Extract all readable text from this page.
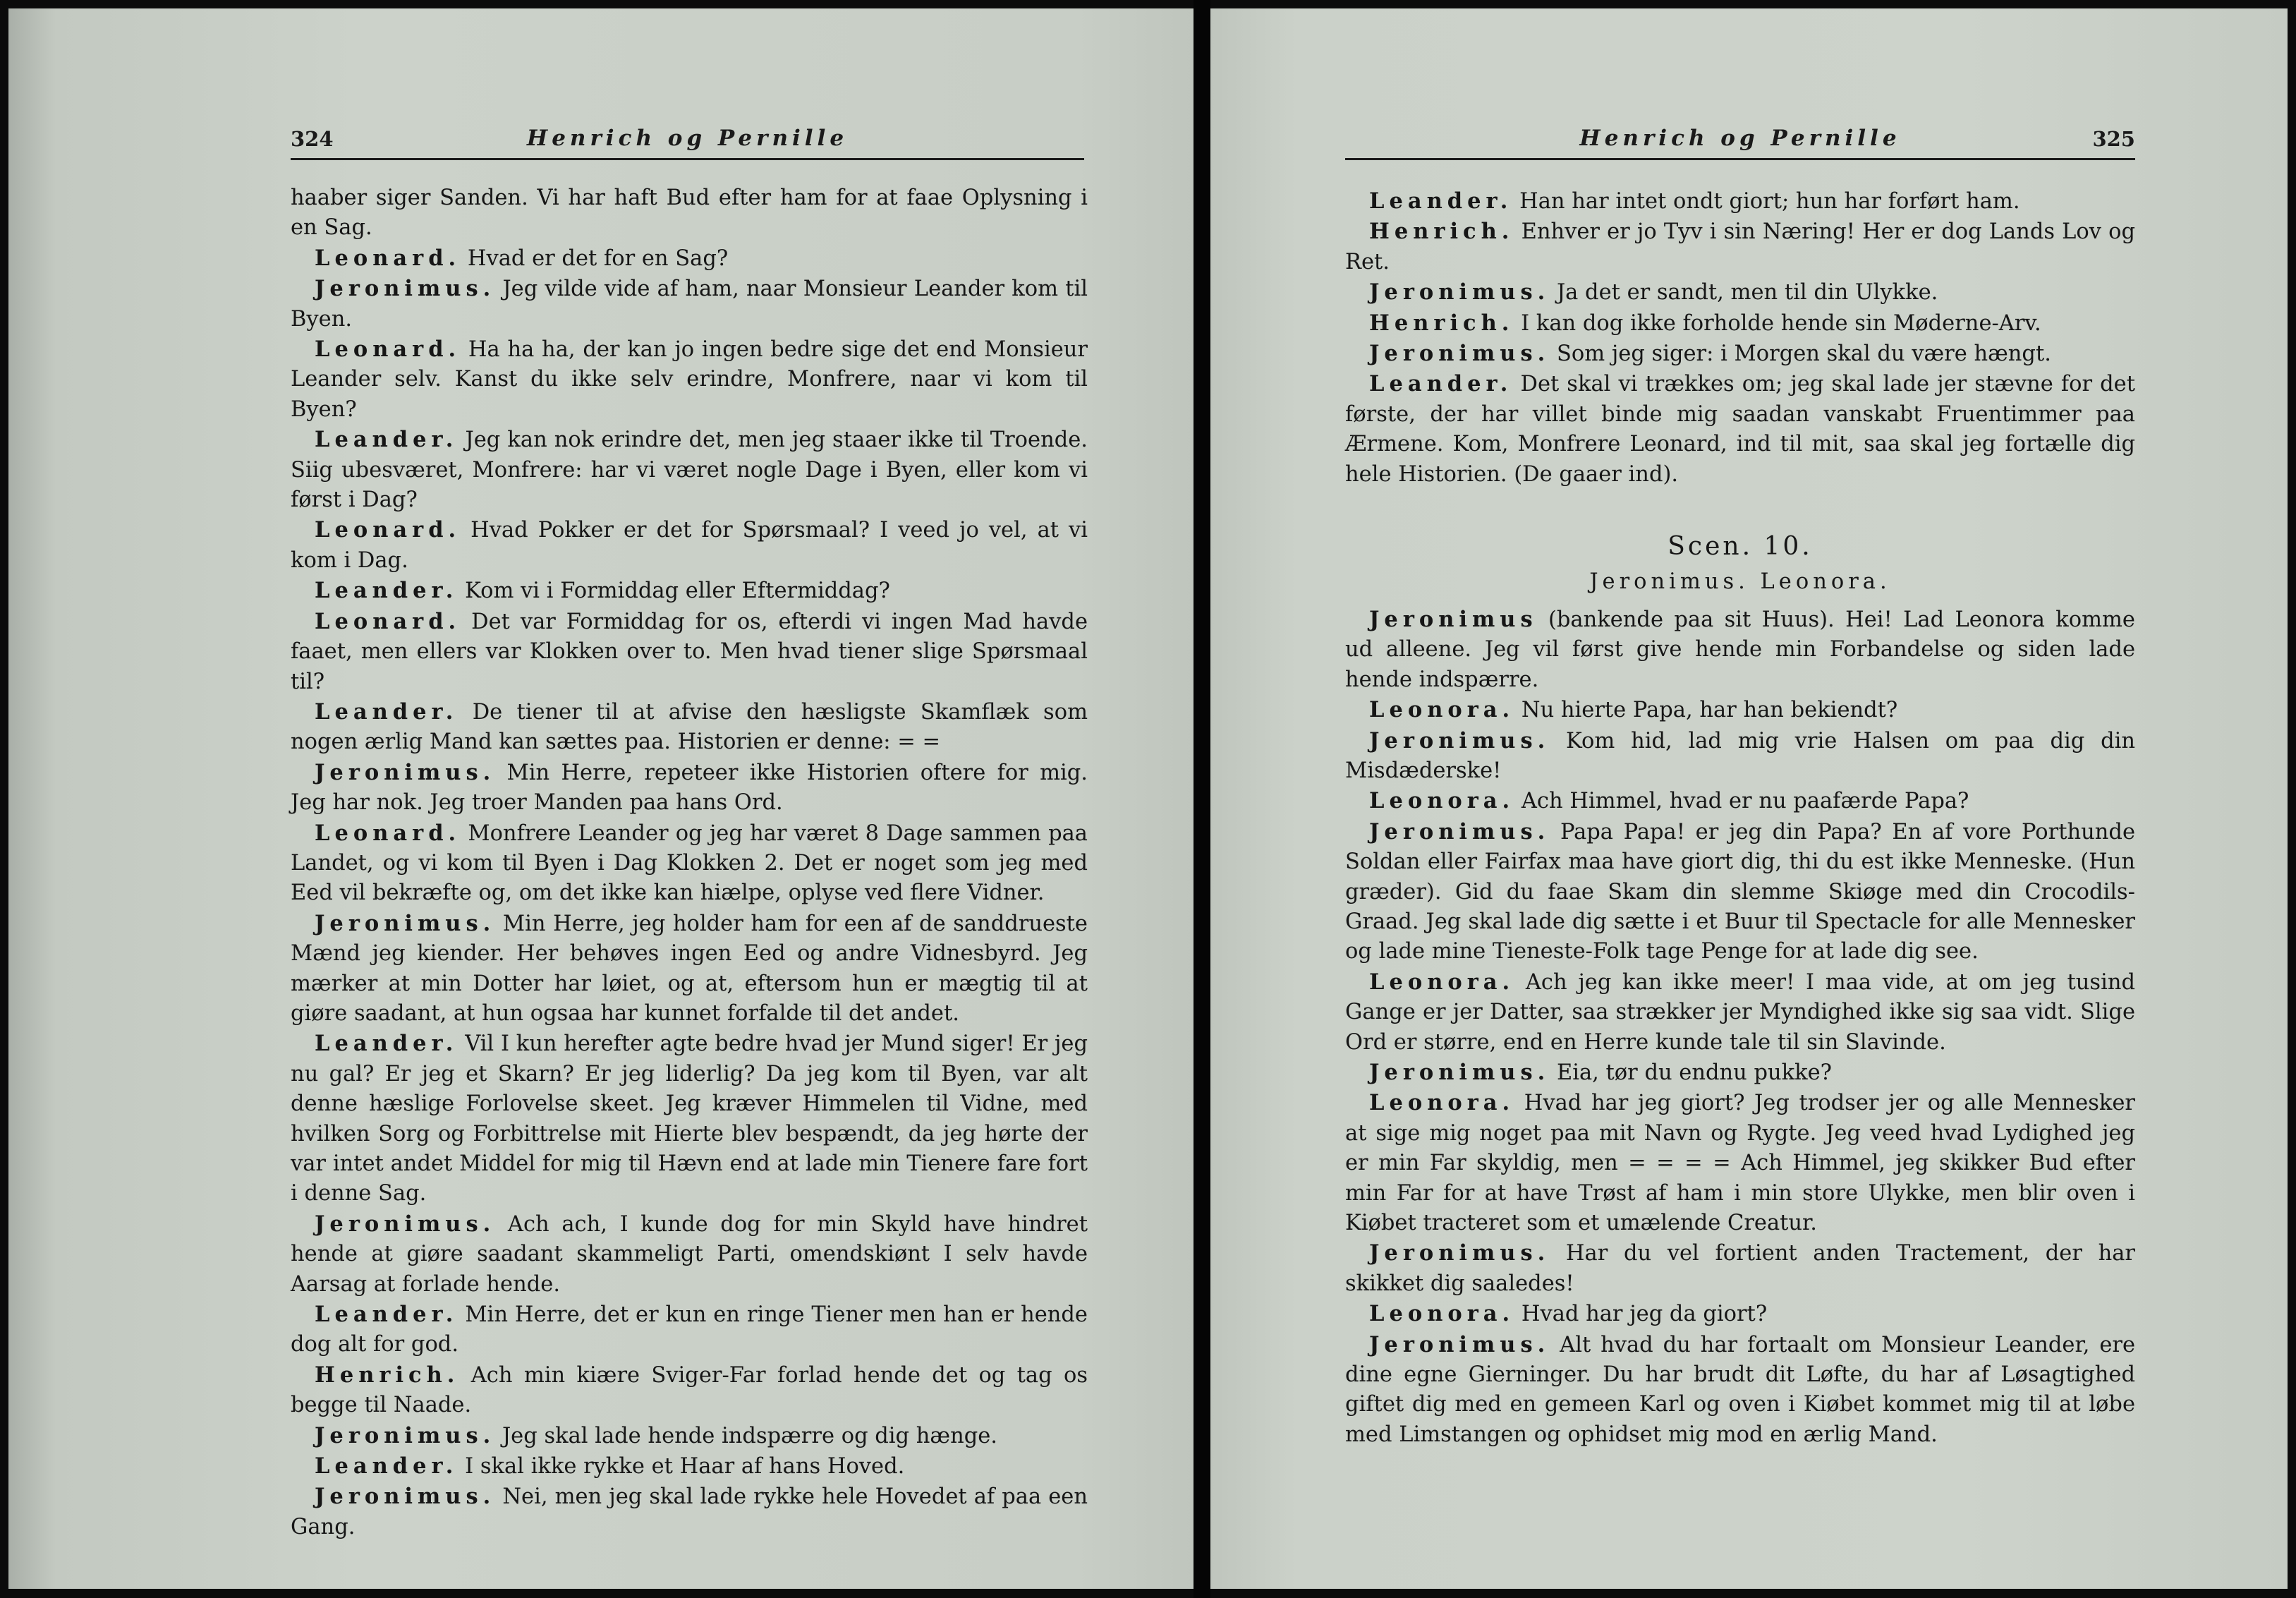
324	Henrich og Pernille

haaber siger Sanden. Vi har haft Bud efter ham for at faae Oplysning i en Sag.

Leonard. Hvad er det for en Sag?

Jeronimus. Jeg vilde vide af ham, naar Monsieur Leander kom til Byen.

Leonard. Ha ha ha, der kan jo ingen bedre sige det end Monsieur Leander selv. Kanst du ikke selv erindre, Monfrere, naar vi kom til Byen?

Leander. Jeg kan nok erindre det, men jeg staaer ikke til Troende. Siig ubesværet, Monfrere: har vi været nogle Dage i Byen, eller kom vi først i Dag?

Leonard. Hvad Pokker er det for Spørsmaal? I veed jo vel, at vi kom i Dag.

Leander. Kom vi i Formiddag eller Eftermiddag?

Leonard. Det var Formiddag for os, efterdi vi ingen Mad havde faaet, men ellers var Klokken over to. Men hvad tiener slige Spørsmaal til?

Leander. De tiener til at afvise den hæsligste Skamflæk som nogen ærlig Mand kan sættes paa. Historien er denne: = =

Jeronimus. Min Herre, repeteer ikke Historien oftere for mig. Jeg har nok. Jeg troer Manden paa hans Ord.

Leonard. Monfrere Leander og jeg har været 8 Dage sammen paa Landet, og vi kom til Byen i Dag Klokken 2. Det er noget som jeg med Eed vil bekræfte og, om det ikke kan hiælpe, oplyse ved flere Vidner.

Jeronimus. Min Herre, jeg holder ham for een af de sanddrueste Mænd jeg kiender. Her behøves ingen Eed og andre Vidnesbyrd. Jeg mærker at min Dotter har løiet, og at, eftersom hun er mægtig til at giøre saadant, at hun ogsaa har kunnet forfalde til det andet.

Leander. Vil I kun herefter agte bedre hvad jer Mund siger! Er jeg nu gal? Er jeg et Skarn? Er jeg liderlig? Da jeg kom til Byen, var alt denne hæslige Forlovelse skeet. Jeg kræver Himmelen til Vidne, med hvilken Sorg og Forbittrelse mit Hierte blev bespændt, da jeg hørte der var intet andet Middel for mig til Hævn end at lade min Tienere fare fort i denne Sag.

Jeronimus. Ach ach, I kunde dog for min Skyld have hindret hende at giøre saadant skammeligt Parti, omendskiønt I selv havde Aarsag at forlade hende.

Leander. Min Herre, det er kun en ringe Tiener men han er hende dog alt for god.

Henrich. Ach min kiære Sviger-Far forlad hende det og tag os begge til Naade.

Jeronimus. Jeg skal lade hende indspærre og dig hænge.

Leander. I skal ikke rykke et Haar af hans Hoved.

Jeronimus. Nei, men jeg skal lade rykke hele Hovedet af paa een Gang.

Henrich og Pernille	325

Leander. Han har intet ondt giort; hun har forført ham.

Henrich. Enhver er jo Tyv i sin Næring! Her er dog Lands Lov og Ret.

Jeronimus. Ja det er sandt, men til din Ulykke.

Henrich. I kan dog ikke forholde hende sin Møderne-Arv.

Jeronimus. Som jeg siger: i Morgen skal du være hængt.

Leander. Det skal vi trækkes om; jeg skal lade jer stævne for det første, der har villet binde mig saadan vanskabt Fruentimmer paa Ærmene. Kom, Monfrere Leonard, ind til mit, saa skal jeg fortælle dig hele Historien. (De gaaer ind).

Scen. 10.

Jeronimus. Leonora.

Jeronimus (bankende paa sit Huus). Hei! Lad Leonora komme ud alleene. Jeg vil først give hende min Forbandelse og siden lade hende indspærre.

Leonora. Nu hierte Papa, har han bekiendt?

Jeronimus. Kom hid, lad mig vrie Halsen om paa dig din Misdæderske!

Leonora. Ach Himmel, hvad er nu paafærde Papa?

Jeronimus. Papa Papa! er jeg din Papa? En af vore Porthunde Soldan eller Fairfax maa have giort dig, thi du est ikke Menneske. (Hun græder). Gid du faae Skam din slemme Skiøge med din Crocodils-Graad. Jeg skal lade dig sætte i et Buur til Spectacle for alle Mennesker og lade mine Tieneste-Folk tage Penge for at lade dig see.

Leonora. Ach jeg kan ikke meer! I maa vide, at om jeg tusind Gange er jer Datter, saa strækker jer Myndighed ikke sig saa vidt. Slige Ord er større, end en Herre kunde tale til sin Slavinde.

Jeronimus. Eia, tør du endnu pukke?

Leonora. Hvad har jeg giort? Jeg trodser jer og alle Mennesker at sige mig noget paa mit Navn og Rygte. Jeg veed hvad Lydighed jeg er min Far skyldig, men = = = = Ach Himmel, jeg skikker Bud efter min Far for at have Trøst af ham i min store Ulykke, men blir oven i Kiøbet tracteret som et umælende Creatur.

Jeronimus. Har du vel fortient anden Tractement, der har skikket dig saaledes!

Leonora. Hvad har jeg da giort?

Jeronimus. Alt hvad du har fortaalt om Monsieur Leander, ere dine egne Gierninger. Du har brudt dit Løfte, du har af Løsagtighed giftet dig med en gemeen Karl og oven i Kiøbet kommet mig til at løbe med Limstangen og ophidset mig mod en ærlig Mand.
